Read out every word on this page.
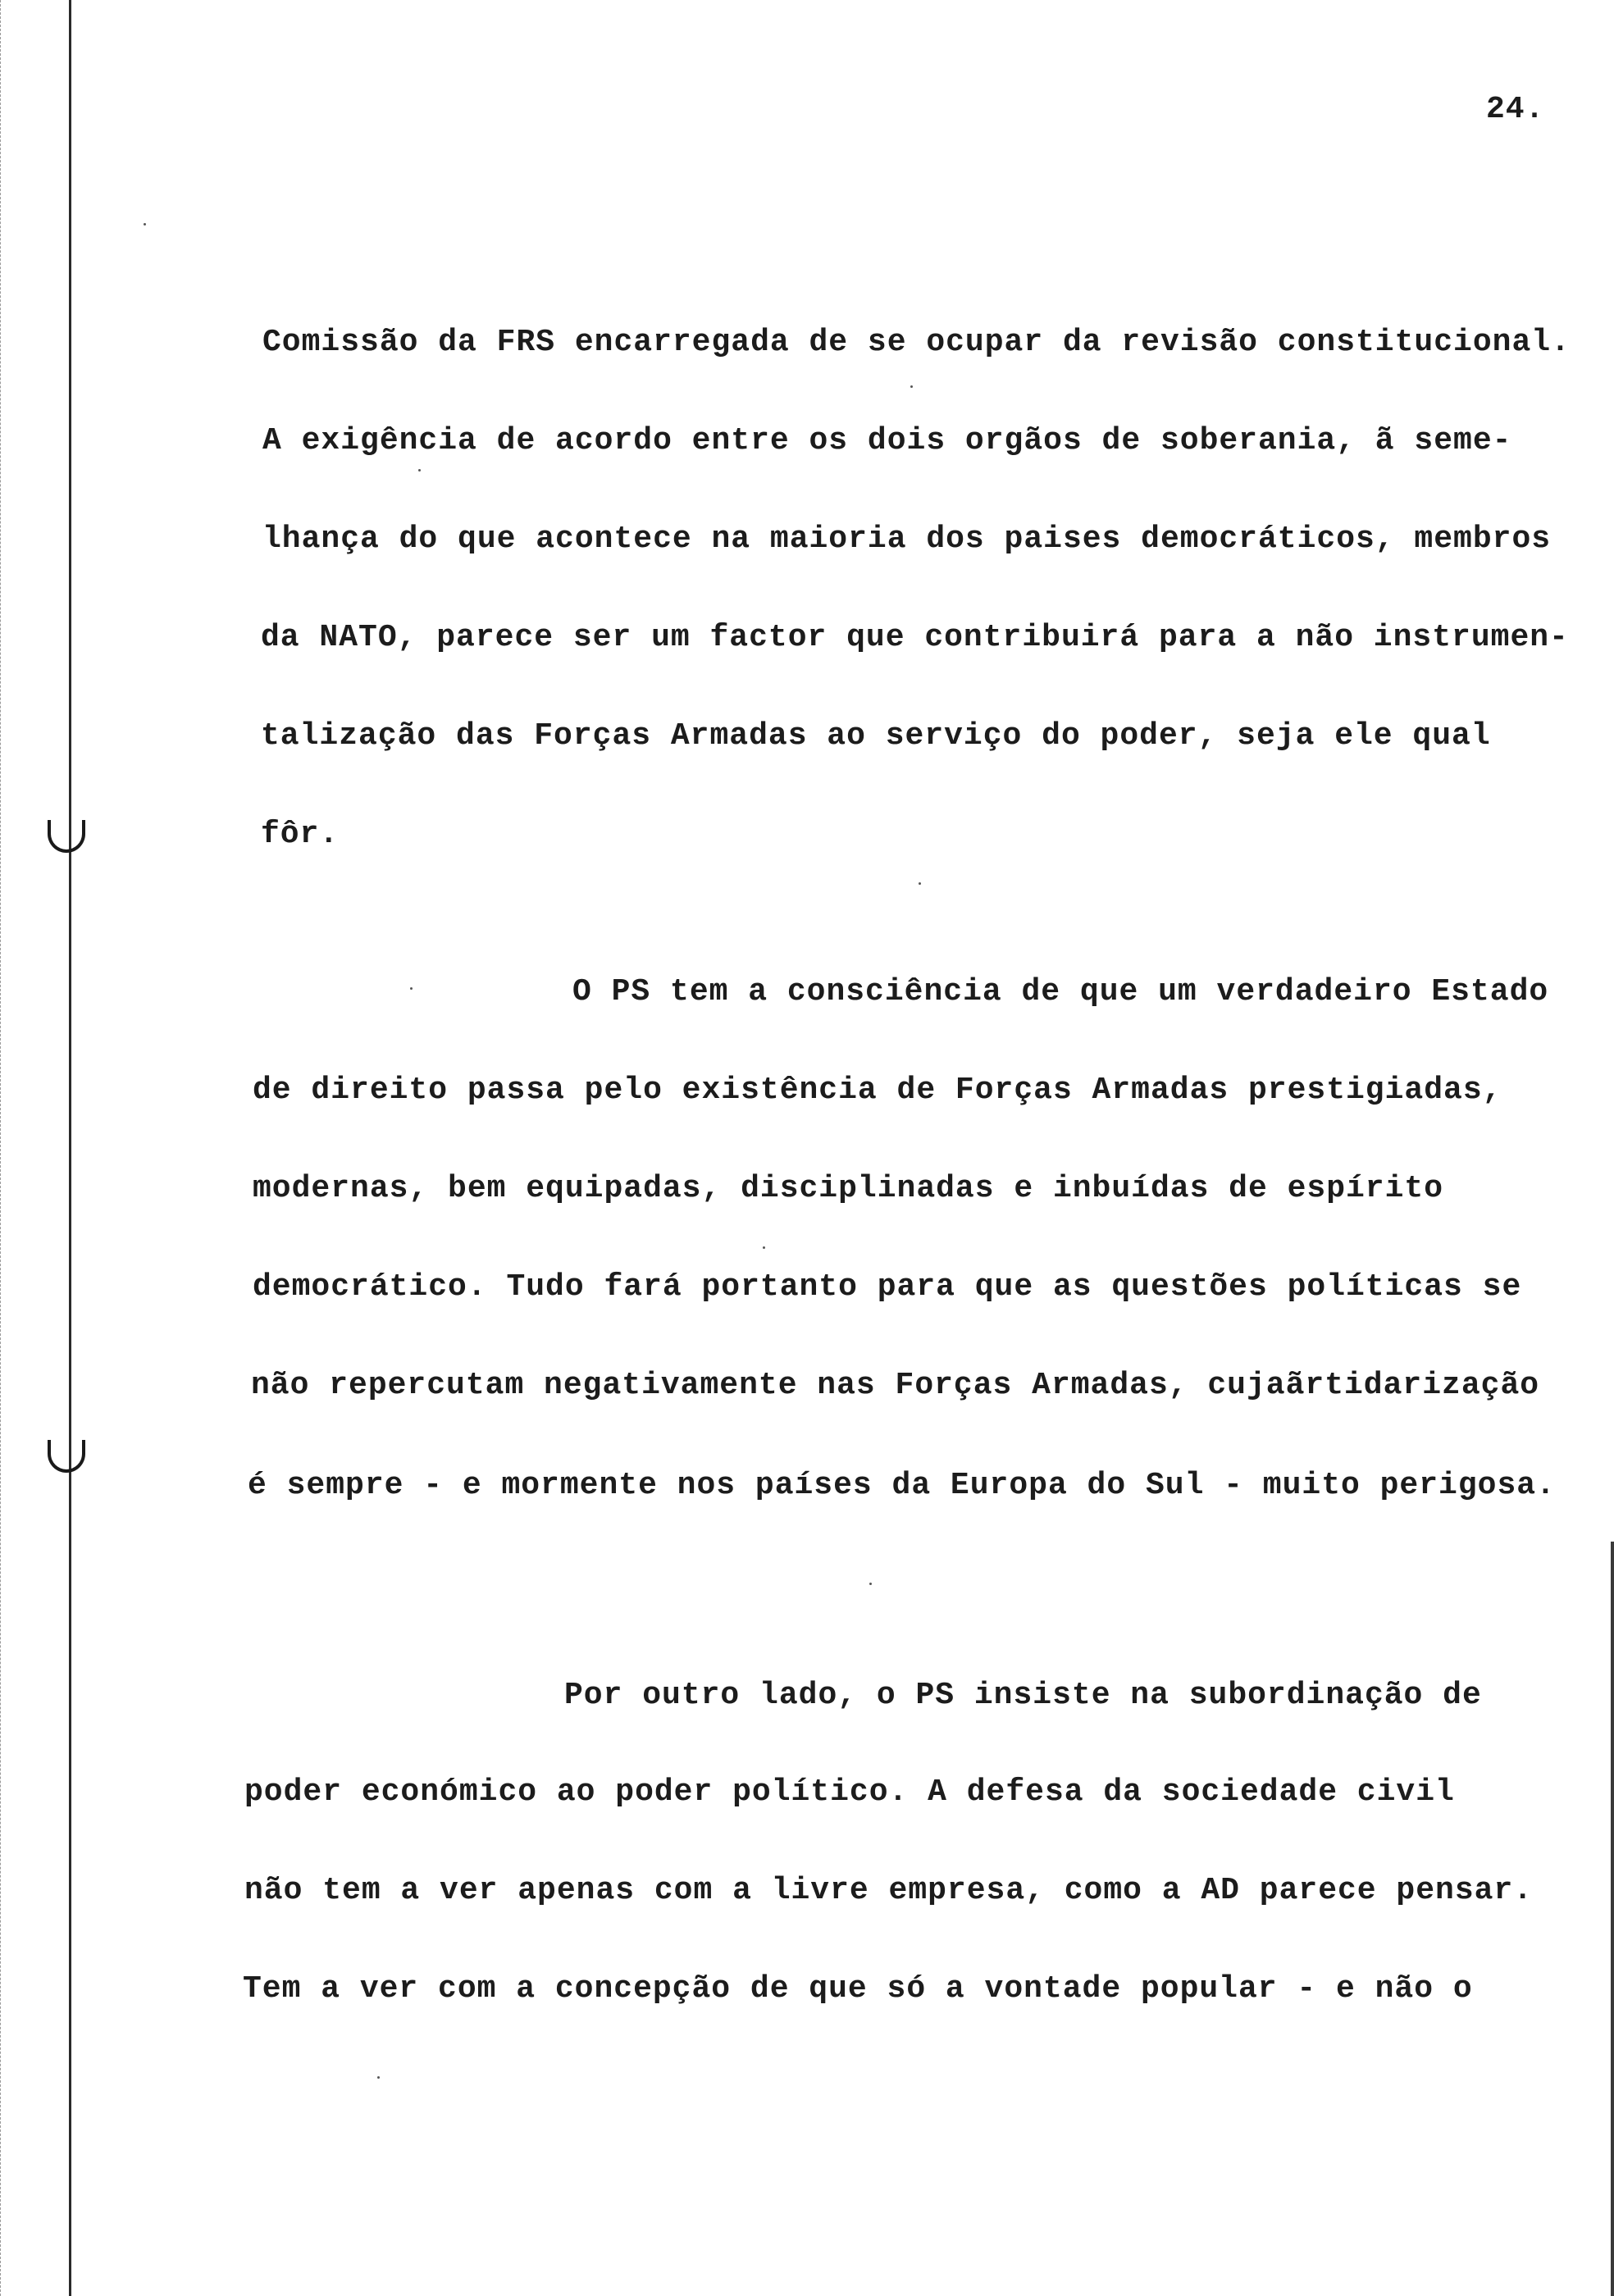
24.
Comissão da FRS encarregada de se ocupar da revisão constitucional.
A exigência de acordo entre os dois orgãos de soberania, ã seme-
lhança do que acontece na maioria dos paises democráticos, membros
da NATO, parece ser um factor que contribuirá para a não instrumen-
talização das Forças Armadas ao serviço do poder, seja ele qual
fôr.
O PS tem a consciência de que um verdadeiro Estado
de direito passa pelo existência de Forças Armadas prestigiadas,
modernas, bem equipadas, disciplinadas e inbuídas de espírito
democrático. Tudo fará portanto para que as questões políticas se
não repercutam negativamente nas Forças Armadas, cujaãrtidarização
é sempre - e mormente nos países da Europa do Sul - muito perigosa.
Por outro lado, o PS insiste na subordinação de
poder económico ao poder político. A defesa da sociedade civil
não tem a ver apenas com a livre empresa, como a AD parece pensar.
Tem a ver com a concepção de que só a vontade popular - e não o
